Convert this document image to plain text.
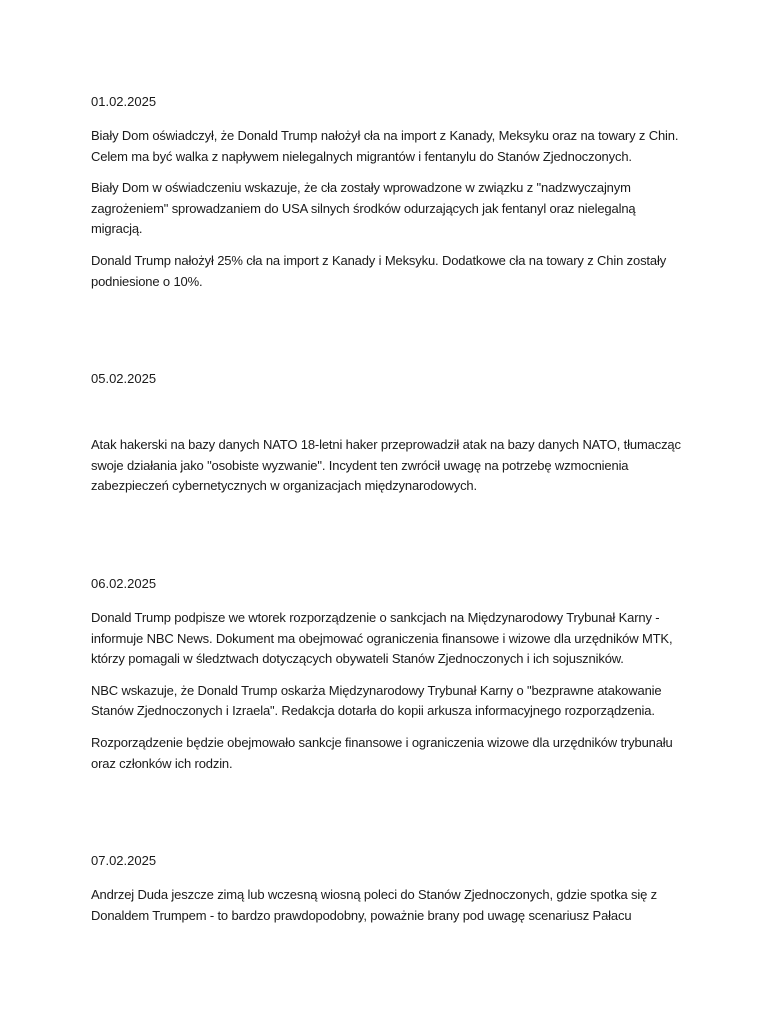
01.02.2025

Biały Dom oświadczył, że Donald Trump nałożył cła na import z Kanady, Meksyku oraz na towary z Chin. Celem ma być walka z napływem nielegalnych migrantów i fentanylu do Stanów Zjednoczonych.

Biały Dom w oświadczeniu wskazuje, że cła zostały wprowadzone w związku z "nadzwyczajnym zagrożeniem" sprowadzaniem do USA silnych środków odurzających jak fentanyl oraz nielegalną migracją.

Donald Trump nałożył 25% cła na import z Kanady i Meksyku. Dodatkowe cła na towary z Chin zostały podniesione o 10%.

05.02.2025

Atak hakerski na bazy danych NATO 18-letni haker przeprowadził atak na bazy danych NATO, tłumacząc swoje działania jako "osobiste wyzwanie". Incydent ten zwrócił uwagę na potrzebę wzmocnienia zabezpieczeń cybernetycznych w organizacjach międzynarodowych.

06.02.2025

Donald Trump podpisze we wtorek rozporządzenie o sankcjach na Międzynarodowy Trybunał Karny - informuje NBC News. Dokument ma obejmować ograniczenia finansowe i wizowe dla urzędników MTK, którzy pomagali w śledztwach dotyczących obywateli Stanów Zjednoczonych i ich sojuszników.

NBC wskazuje, że Donald Trump oskarża Międzynarodowy Trybunał Karny o "bezprawne atakowanie Stanów Zjednoczonych i Izraela". Redakcja dotarła do kopii arkusza informacyjnego rozporządzenia.

Rozporządzenie będzie obejmowało sankcje finansowe i ograniczenia wizowe dla urzędników trybunału oraz członków ich rodzin.

07.02.2025

Andrzej Duda jeszcze zimą lub wczesną wiosną poleci do Stanów Zjednoczonych, gdzie spotka się z Donaldem Trumpem - to bardzo prawdopodobny, poważnie brany pod uwagę scenariusz Pałacu
